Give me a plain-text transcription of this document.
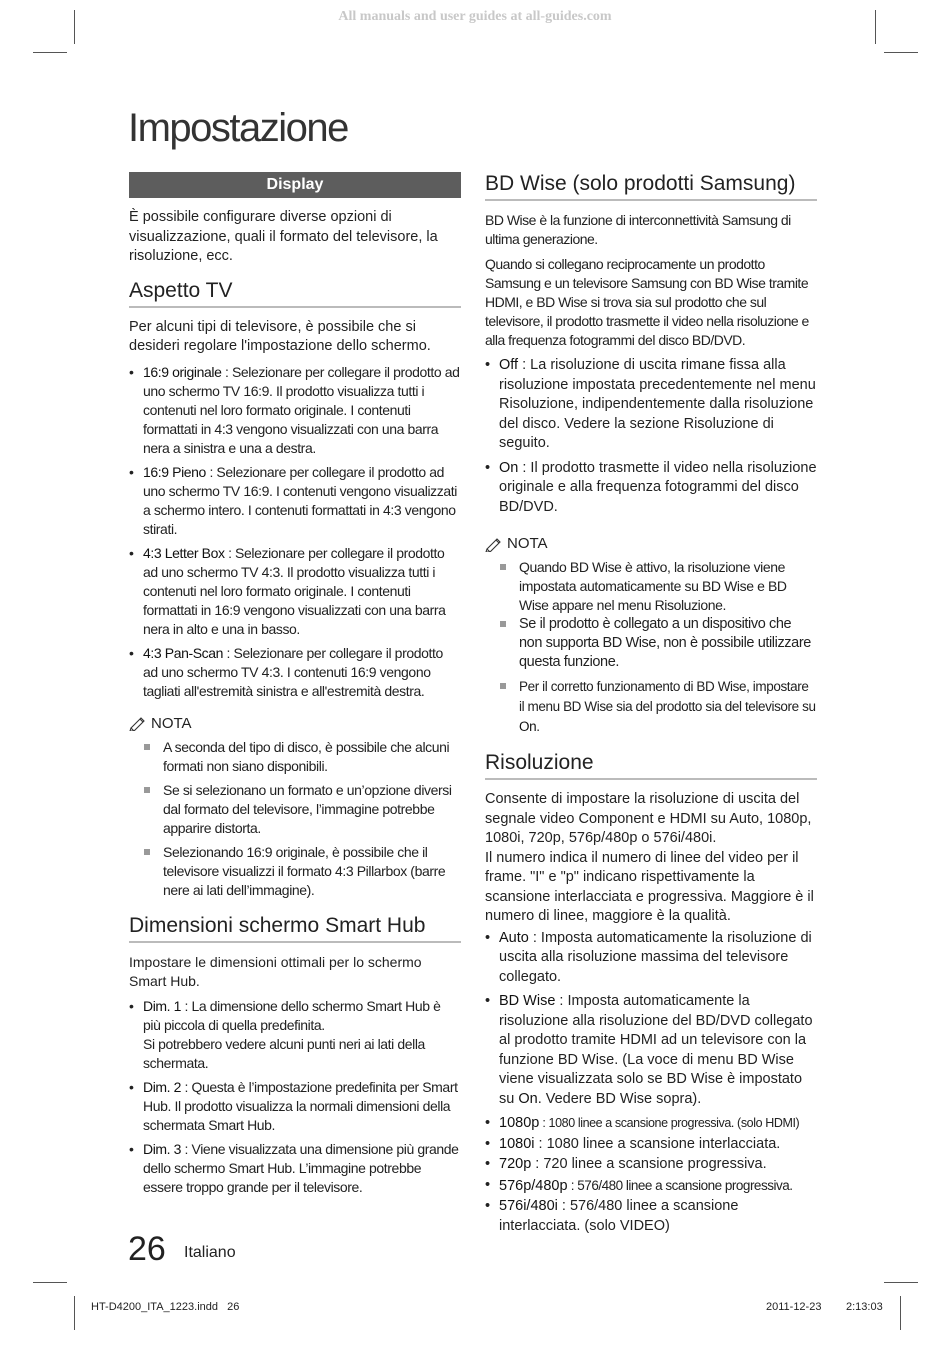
All manuals and user guides at all-guides.com
Impostazione
Display

È possibile configurare diverse opzioni di visualizzazione, quali il formato del televisore, la risoluzione, ecc.

Aspetto TV

Per alcuni tipi di televisore, è possibile che si desideri regolare l'impostazione dello schermo.

• 16:9 originale : Selezionare per collegare il prodotto ad uno schermo TV 16:9. Il prodotto visualizza tutti i contenuti nel loro formato originale. I contenuti formattati in 4:3 vengono visualizzati con una barra nera a sinistra e una a destra.
• 16:9 Pieno : Selezionare per collegare il prodotto ad uno schermo TV 16:9. I contenuti vengono visualizzati a schermo intero. I contenuti formattati in 4:3 vengono stirati.
• 4:3 Letter Box : Selezionare per collegare il prodotto ad uno schermo TV 4:3. Il prodotto visualizza tutti i contenuti nel loro formato originale. I contenuti formattati in 16:9 vengono visualizzati con una barra nera in alto e una in basso.
• 4:3 Pan-Scan : Selezionare per collegare il prodotto ad uno schermo TV 4:3. I contenuti 16:9 vengono tagliati all'estremità sinistra e all'estremità destra.
NOTA
A seconda del tipo di disco, è possibile che alcuni formati non siano disponibili.
Se si selezionano un formato e un’opzione diversi dal formato del televisore, l’immagine potrebbe apparire distorta.
Selezionando 16:9 originale, è possibile che il televisore visualizzi il formato 4:3 Pillarbox (barre nere ai lati dell’immagine).
Dimensioni schermo Smart Hub

Impostare le dimensioni ottimali per lo schermo Smart Hub.

• Dim. 1 : La dimensione dello schermo Smart Hub è più piccola di quella predefinita.
Si potrebbero vedere alcuni punti neri ai lati della schermata.
• Dim. 2 : Questa è l’impostazione predefinita per Smart Hub. Il prodotto visualizza la normali dimensioni della schermata Smart Hub.
• Dim. 3 : Viene visualizzata una dimensione più grande dello schermo Smart Hub. L’immagine potrebbe essere troppo grande per il televisore.
BD Wise (solo prodotti Samsung)

BD Wise è la funzione di interconnettività Samsung di ultima generazione.

Quando si collegano reciprocamente un prodotto Samsung e un televisore Samsung con BD Wise tramite HDMI, e BD Wise si trova sia sul prodotto che sul televisore, il prodotto trasmette il video nella risoluzione e alla frequenza fotogrammi del disco BD/DVD.

• Off : La risoluzione di uscita rimane fissa alla risoluzione impostata precedentemente nel menu Risoluzione, indipendentemente dalla risoluzione del disco. Vedere la sezione Risoluzione di seguito.
• On : Il prodotto trasmette il video nella risoluzione originale e alla frequenza fotogrammi del disco BD/DVD.
NOTA
Quando BD Wise è attivo, la risoluzione viene impostata automaticamente su BD Wise e BD Wise appare nel menu Risoluzione.
Se il prodotto è collegato a un dispositivo che non supporta BD Wise, non è possibile utilizzare questa funzione.
Per il corretto funzionamento di BD Wise, impostare il menu BD Wise sia del prodotto sia del televisore su On.
Risoluzione

Consente di impostare la risoluzione di uscita del segnale video Component e HDMI su Auto, 1080p, 1080i, 720p, 576p/480p o 576i/480i.

Il numero indica il numero di linee del video per il frame. "I" e "p" indicano rispettivamente la scansione interlacciata e progressiva. Maggiore è il numero di linee, maggiore è la qualità.

• Auto : Imposta automaticamente la risoluzione di uscita alla risoluzione massima del televisore collegato.
• BD Wise : Imposta automaticamente la risoluzione alla risoluzione del BD/DVD collegato al prodotto tramite HDMI ad un televisore con la funzione BD Wise. (La voce di menu BD Wise viene visualizzata solo se BD Wise è impostato su On. Vedere BD Wise sopra).
• 1080p : 1080 linee a scansione progressiva. (solo HDMI)
• 1080i : 1080 linee a scansione interlacciata.
• 720p : 720 linee a scansione progressiva.
• 576p/480p : 576/480 linee a scansione progressiva.
• 576i/480i : 576/480 linee a scansione interlacciata. (solo VIDEO)
26 Italiano
HT-D4200_ITA_1223.indd   26	2011-12-23 2:13:03
